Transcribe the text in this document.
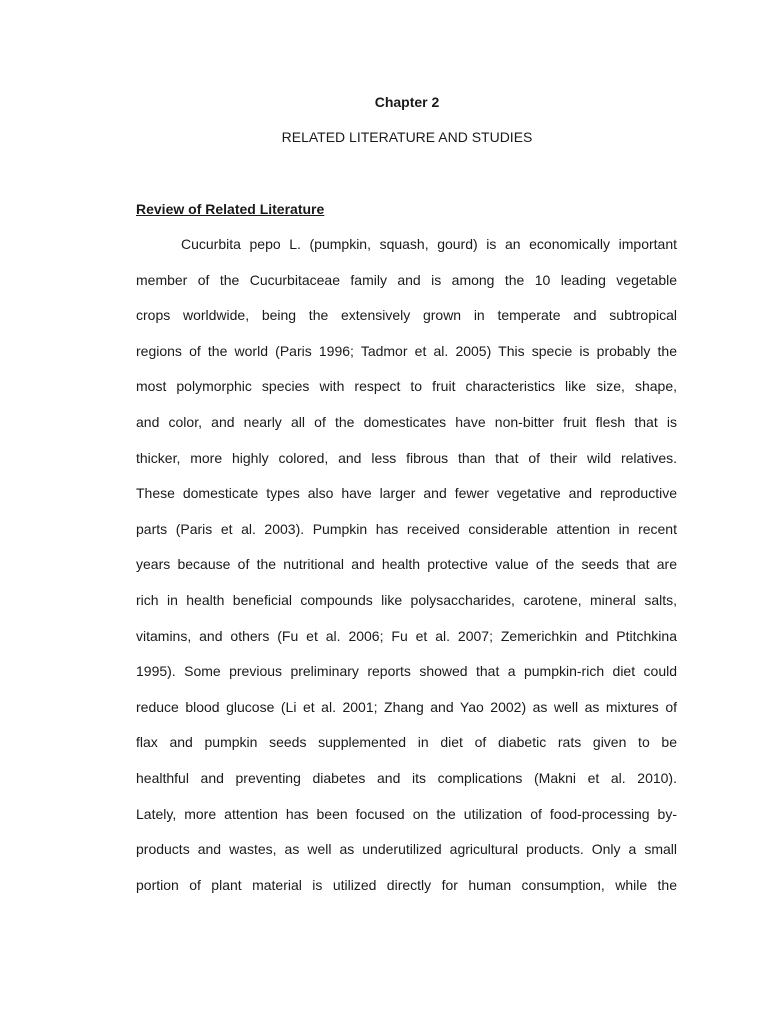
Chapter 2
RELATED LITERATURE AND STUDIES
Review of Related Literature
Cucurbita pepo L. (pumpkin, squash, gourd) is an economically important
member of the Cucurbitaceae family and is among the 10 leading vegetable
crops worldwide, being the extensively grown in temperate and subtropical
regions of the world (Paris 1996; Tadmor et al. 2005) This specie is probably the
most polymorphic species with respect to fruit characteristics like size, shape,
and color, and nearly all of the domesticates have non-bitter fruit flesh that is
thicker, more highly colored, and less fibrous than that of their wild relatives.
These domesticate types also have larger and fewer vegetative and reproductive
parts (Paris et al. 2003). Pumpkin has received considerable attention in recent
years because of the nutritional and health protective value of the seeds that are
rich in health beneficial compounds like polysaccharides, carotene, mineral salts,
vitamins, and others (Fu et al. 2006; Fu et al. 2007; Zemerichkin and Ptitchkina
1995). Some previous preliminary reports showed that a pumpkin-rich diet could
reduce blood glucose (Li et al. 2001; Zhang and Yao 2002) as well as mixtures of
flax and pumpkin seeds supplemented in diet of diabetic rats given to be
healthful and preventing diabetes and its complications (Makni et al. 2010).
Lately, more attention has been focused on the utilization of food-processing by-
products and wastes, as well as underutilized agricultural products. Only a small
portion of plant material is utilized directly for human consumption, while the
